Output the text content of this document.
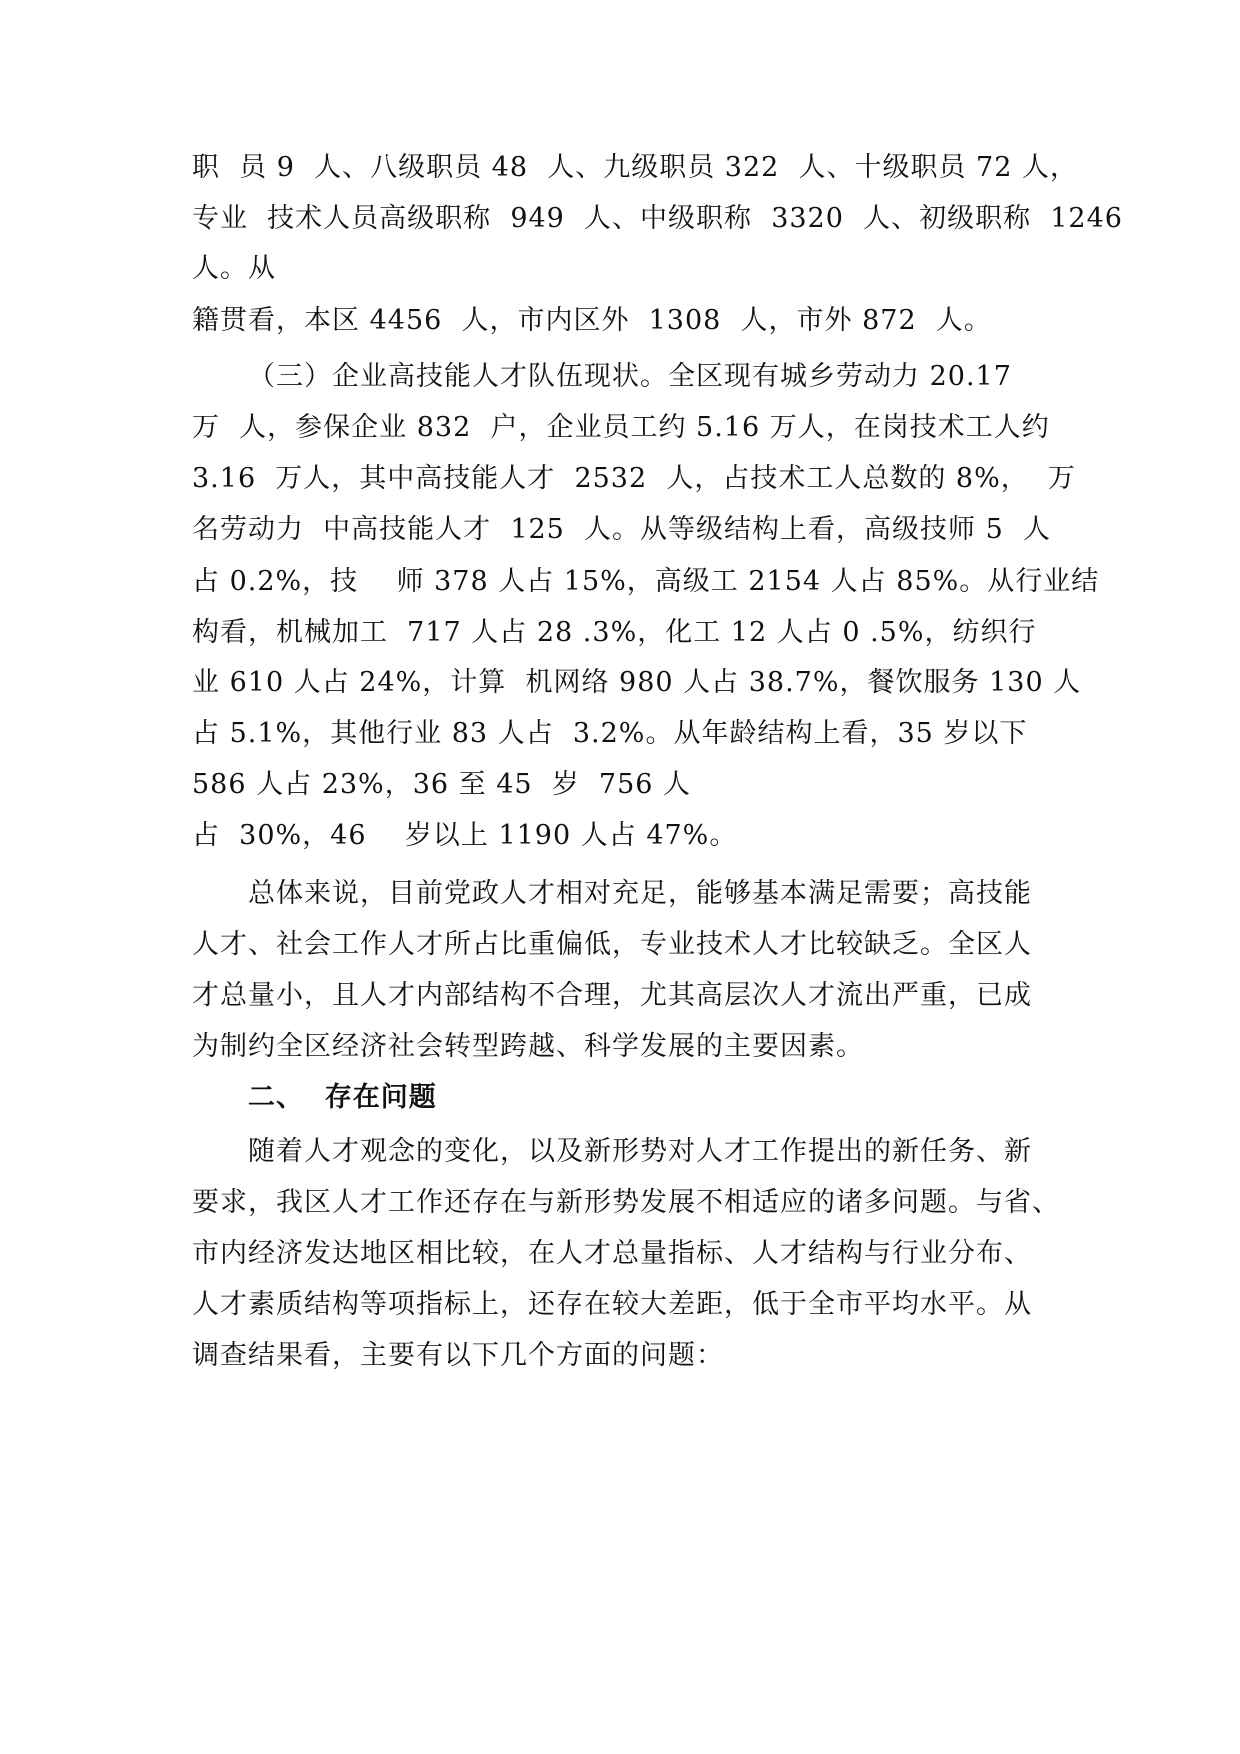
职  员 9  人、八级职员 48  人、九级职员 322  人、十级职员 72 人，
专业  技术人员高级职称  949  人、中级职称  3320  人、初级职称  1246
人。从
籍贯看，本区 4456  人，市内区外  1308  人，市外 872  人。
（三）企业高技能人才队伍现状。全区现有城乡劳动力 20.17
万  人，参保企业 832  户，企业员工约 5.16 万人，在岗技术工人约
3.16  万人，其中高技能人才  2532  人，占技术工人总数的 8%，  万
名劳动力  中高技能人才  125  人。从等级结构上看，高级技师 5  人
占 0.2%，技    师 378 人占 15%，高级工 2154 人占 85%。从行业结
构看，机械加工  717 人占 28 .3%，化工 12 人占 0 .5%，纺织行
业 610 人占 24%，计算  机网络 980 人占 38.7%，餐饮服务 130 人
占 5.1%，其他行业 83 人占  3.2%。从年龄结构上看，35 岁以下
586 人占 23%，36 至 45  岁  756 人
占  30%，46    岁以上 1190 人占 47%。
总体来说，目前党政人才相对充足，能够基本满足需要；高技能
人才、社会工作人才所占比重偏低，专业技术人才比较缺乏。全区人
才总量小，且人才内部结构不合理，尤其高层次人才流出严重，已成
为制约全区经济社会转型跨越、科学发展的主要因素。
二、  存在问题
随着人才观念的变化，以及新形势对人才工作提出的新任务、新
要求，我区人才工作还存在与新形势发展不相适应的诸多问题。与省、
市内经济发达地区相比较，在人才总量指标、人才结构与行业分布、
人才素质结构等项指标上，还存在较大差距，低于全市平均水平。从
调查结果看，主要有以下几个方面的问题：
